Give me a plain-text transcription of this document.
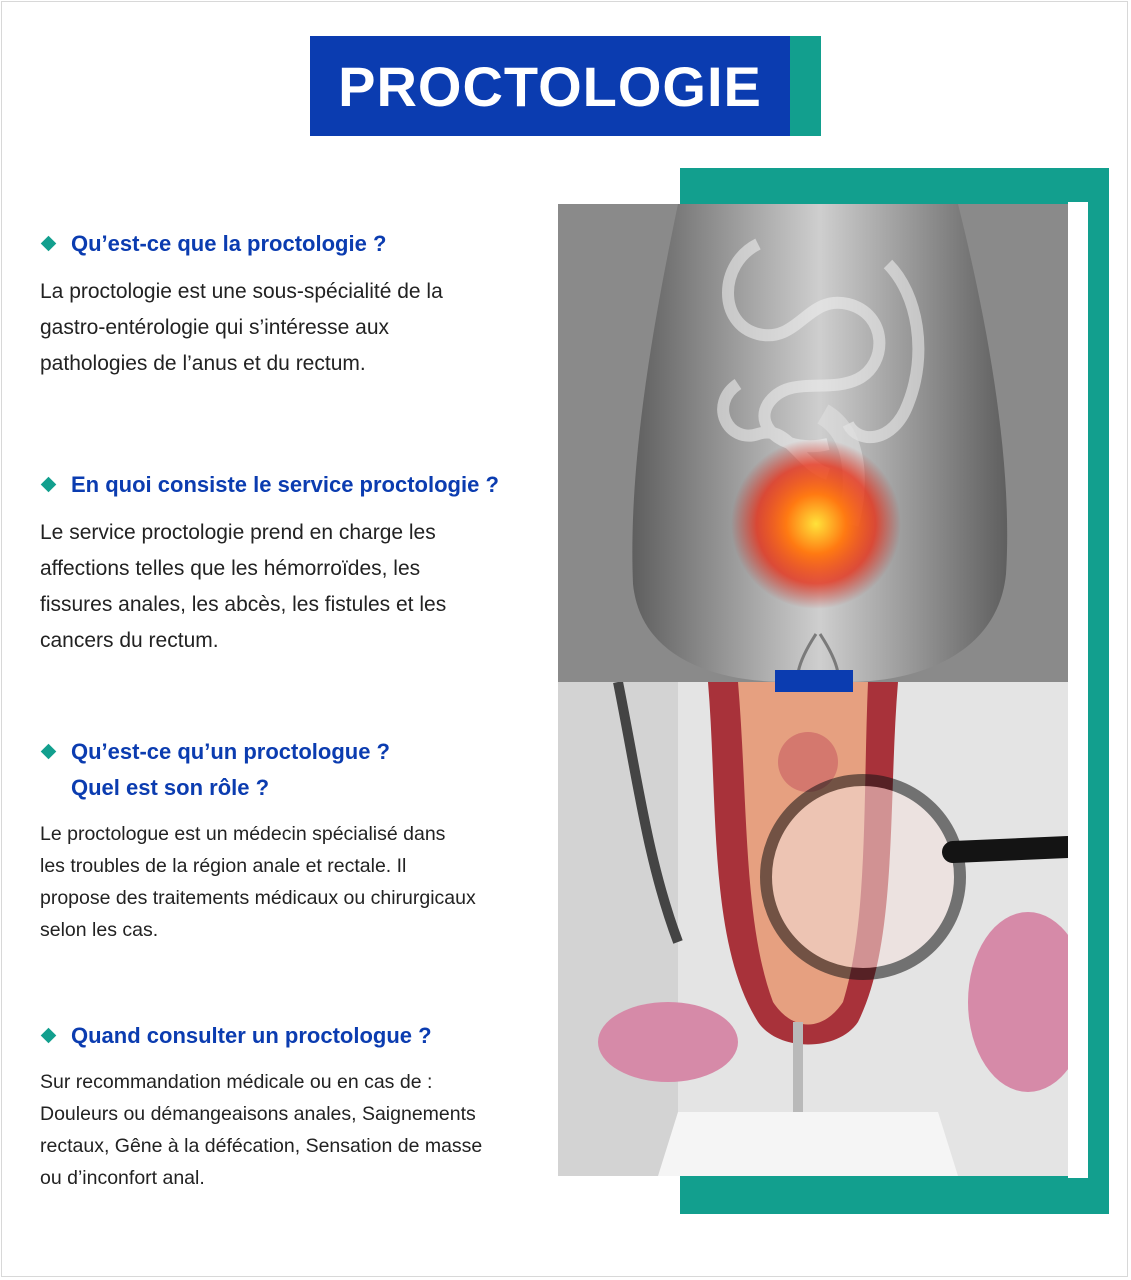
PROCTOLOGIE
Qu’est-ce que la proctologie ?
La proctologie est une sous-spécialité de la
gastro-entérologie qui s’intéresse aux
pathologies de l’anus et du rectum.
En quoi consiste le service proctologie ?
Le service proctologie prend en charge les
affections telles que les hémorroïdes, les
fissures anales, les abcès, les fistules et les
cancers du rectum.
Qu’est-ce qu’un proctologue ?
Quel est son rôle ?
Le proctologue est un médecin spécialisé dans
les troubles de la région anale et rectale. Il
propose des traitements médicaux ou chirurgicaux
selon les cas.
Quand consulter un proctologue ?
Sur recommandation médicale ou en cas de :
Douleurs ou démangeaisons anales, Saignements
rectaux, Gêne à la défécation, Sensation de masse
ou d’inconfort anal.
